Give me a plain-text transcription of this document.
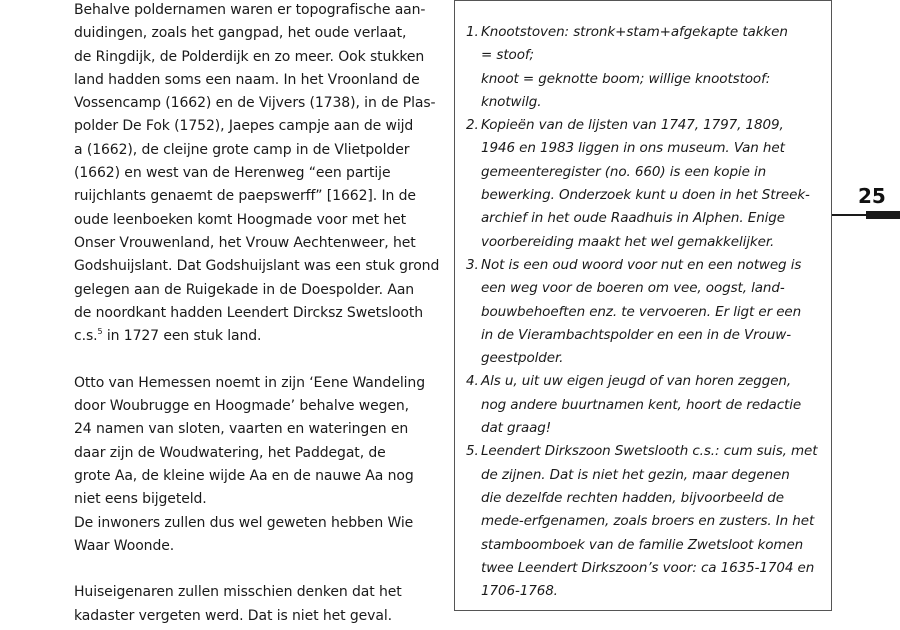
Behalve poldernamen waren er topografische aan-
duidingen, zoals het gangpad, het oude verlaat,
de Ringdijk, de Polderdijk en zo meer. Ook stukken
land hadden soms een naam. In het Vroonland de
Vossencamp (1662) en de Vijvers (1738), in de Plas-
polder De Fok (1752), Jaepes campje aan de wijd
a (1662), de cleijne grote camp in de Vlietpolder
(1662) en west van de Herenweg “een partije
ruijchlants genaemt de paepswerff” [1662]. In de
oude leenboeken komt Hoogmade voor met het
Onser Vrouwenland, het Vrouw Aechtenweer, het
Godshuijslant. Dat Godshuijslant was een stuk grond
gelegen aan de Ruigekade in de Doespolder. Aan
de noordkant hadden Leendert Dircksz Swetslooth
c.s.$^5$ in 1727 een stuk land.
Otto van Hemessen noemt in zijn ‘Eene Wandeling
door Woubrugge en Hoogmade’ behalve wegen,
24 namen van sloten, vaarten en wateringen en
daar zijn de Woudwatering, het Paddegat, de
grote Aa, de kleine wijde Aa en de nauwe Aa nog
niet eens bijgeteld.
De inwoners zullen dus wel geweten hebben Wie
Waar Woonde.
Huiseigenaren zullen misschien denken dat het
kadaster vergeten werd. Dat is niet het geval.
1. Knootstoven: stronk+stam+afgekapte takken
= stoof;
knoot = geknotte boom; willige knootstoof:
knotwilg.
2. Kopieën van de lijsten van 1747, 1797, 1809,
1946 en 1983 liggen in ons museum. Van het
gemeenteregister (no. 660) is een kopie in
bewerking. Onderzoek kunt u doen in het Streek-
archief in het oude Raadhuis in Alphen. Enige
voorbereiding maakt het wel gemakkelijker.
3. Not is een oud woord voor nut en een notweg is
een weg voor de boeren om vee, oogst, land-
bouwbehoeften enz. te vervoeren. Er ligt er een
in de Vierambachtspolder en een in de Vrouw-
geestpolder.
4. Als u, uit uw eigen jeugd of van horen zeggen,
nog andere buurtnamen kent, hoort de redactie
dat graag!
5. Leendert Dirkszoon Swetslooth c.s.: cum suis, met
de zijnen. Dat is niet het gezin, maar degenen
die dezelfde rechten hadden, bijvoorbeeld de
mede-erfgenamen, zoals broers en zusters. In het
stamboomboek van de familie Zwetsloot komen
twee Leendert Dirkszoon’s voor: ca 1635-1704 en
1706-1768.
25
